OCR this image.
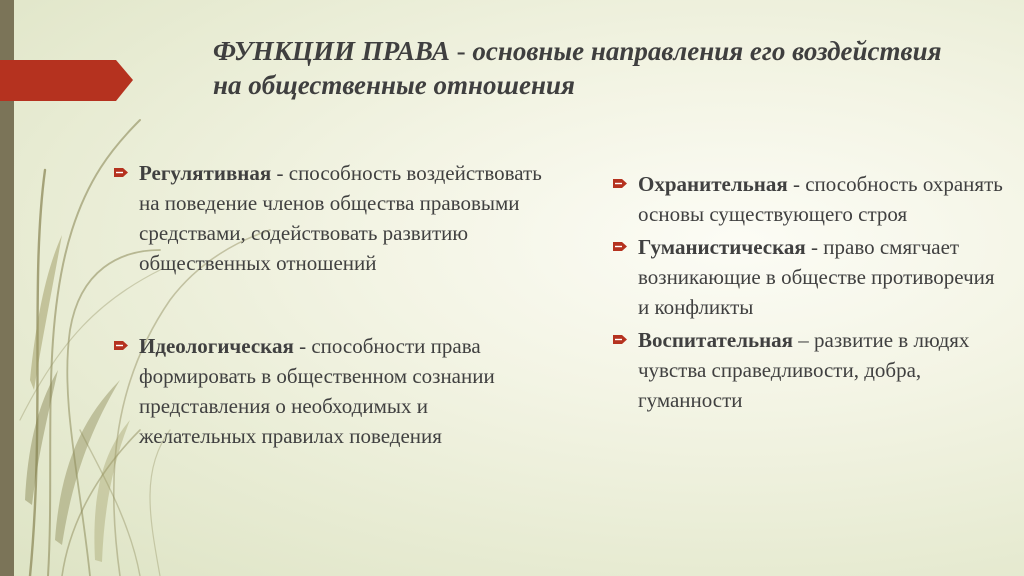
ФУНКЦИИ ПРАВА - основные направления его воздействия на общественные отношения
Регулятивная - способность воздействовать на поведение членов общества правовыми средствами, содействовать развитию общественных отношений
Идеологическая - способности права формировать в общественном сознании представления о необходимых и желательных правилах поведения
Охранительная - способность охранять основы существующего строя
Гуманистическая - право смягчает возникающие в обществе противоречия и конфликты
Воспитательная – развитие в людях чувства справедливости, добра, гуманности
